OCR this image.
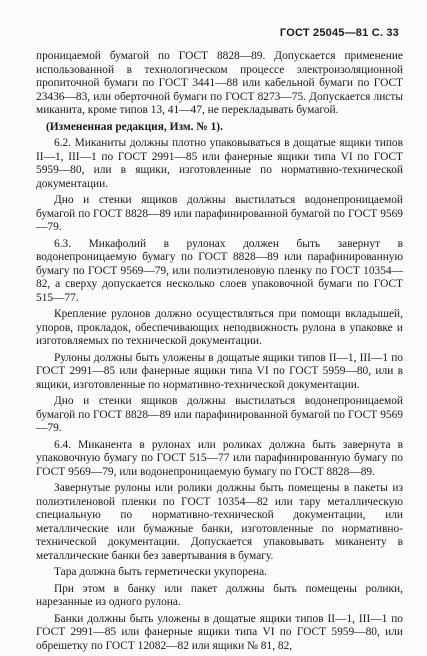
ГОСТ 25045—81 С. 33

проницаемой бумагой по ГОСТ 8828—89. Допускается применение использованной в технологическом процессе электроизоляционной пропиточной бумаги по ГОСТ 3441—88 или кабельной бумаги по ГОСТ 23436—83, или оберточной бумаги по ГОСТ 8273—75. Допускается листы миканита, кроме типов 13, 41—47, не перекладывать бумагой.

(Измененная редакция, Изм. № 1).

6.2. Миканиты должны плотно упаковываться в дощатые ящики типов II—1, III—1 по ГОСТ 2991—85 или фанерные ящики типа VI по ГОСТ 5959—80, или в ящики, изготовленные по нормативно-технической документации.

Дно и стенки ящиков должны выстилаться водонепроницаемой бумагой по ГОСТ 8828—89 или парафинированной бумагой по ГОСТ 9569—79.

6.3. Микафолий в рулонах должен быть завернут в водонепроницаемую бумагу по ГОСТ 8828—89 или парафинированную бумагу по ГОСТ 9569—79, или полиэтиленовую пленку по ГОСТ 10354—82, а сверху допускается несколько слоев упаковочной бумаги по ГОСТ 515—77.

Крепление рулонов должно осуществляться при помощи вкладышей, упоров, прокладок, обеспечивающих неподвижность рулона в упаковке и изготовляемых по технической документации.

Рулоны должны быть уложены в дощатые ящики типов II—1, III—1 по ГОСТ 2991—85 или фанерные ящики типа VI по ГОСТ 5959—80, или в ящики, изготовленные по нормативно-технической документации.

Дно и стенки ящиков должны выстилаться водонепроницаемой бумагой по ГОСТ 8828—89 или парафинированной бумагой по ГОСТ 9569—79.

6.4. Миканента в рулонах или роликах должна быть завернута в упаковочную бумагу по ГОСТ 515—77 или парафинированную бумагу по ГОСТ 9569—79, или водонепроницаемую бумагу по ГОСТ 8828—89.

Завернутые рулоны или ролики должны быть помещены в пакеты из полиэтиленовой пленки по ГОСТ 10354—82 или тару металлическую специальную по нормативно-технической документации, или металлические или бумажные банки, изготовленные по нормативно-технической документации. Допускается упаковывать миканенту в металлические банки без завертывания в бумагу.

Тара должна быть герметически укупорена.

При этом в банку или пакет должны быть помещены ролики, нарезанные из одного рулона.

Банки должны быть уложены в дощатые ящики типов II—1, III—1 по ГОСТ 2991—85 или фанерные ящики типа VI по ГОСТ 5959—80, или обрешетку по ГОСТ 12082—82 или ящики № 81, 82,
